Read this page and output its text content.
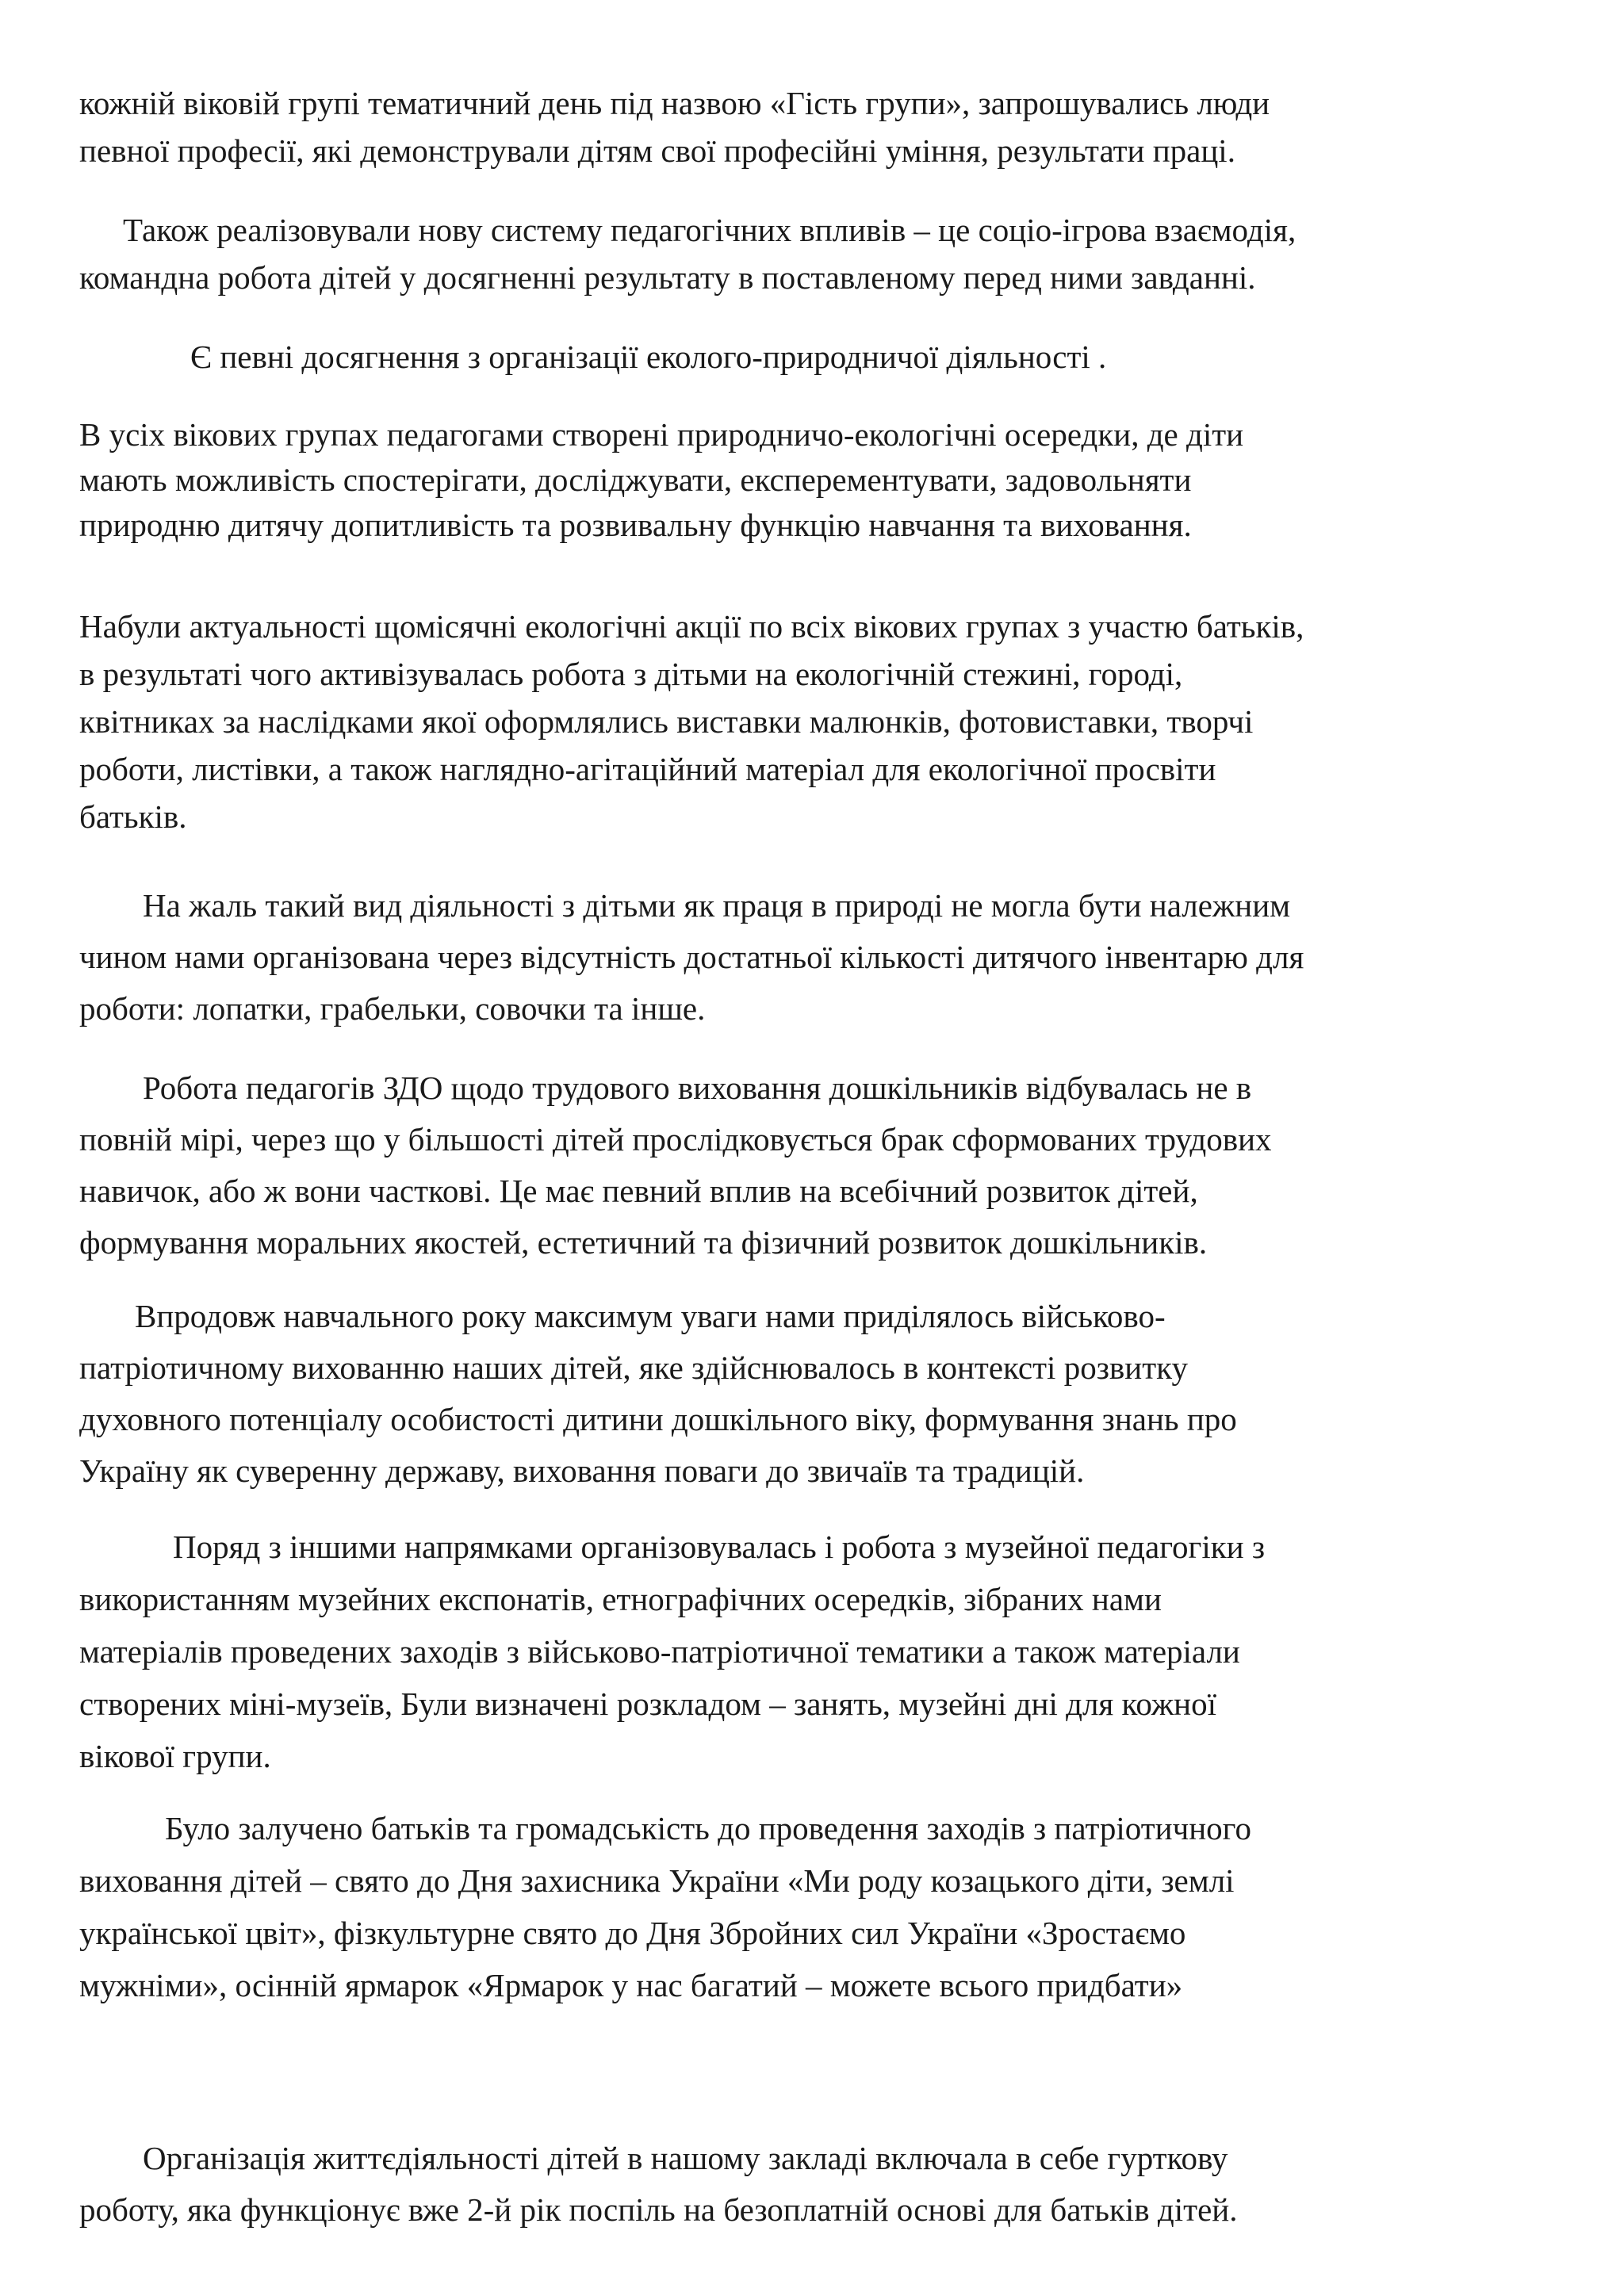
кожній віковій групі тематичний день під назвою «Гість групи», запрошувались люди
певної професії, які демонстрували дітям свої професійні уміння, результати праці.
Також реалізовували нову систему педагогічних впливів – це соціо-ігрова взаємодія,
командна робота дітей у досягненні результату в поставленому перед ними завданні.
Є певні досягнення з організації еколого-природничої діяльності .
В усіх вікових групах педагогами створені природничо-екологічні осередки, де діти
мають можливість спостерігати, досліджувати, експерементувати, задовольняти
природню дитячу допитливість та розвивальну функцію навчання та виховання.
Набули актуальності щомісячні екологічні акції по всіх вікових групах з участю батьків,
в результаті чого активізувалась робота з дітьми на екологічній стежині, городі,
квітниках за наслідками якої оформлялись виставки малюнків, фотовиставки, творчі
роботи, листівки, а також наглядно-агітаційний матеріал для екологічної просвіти
батьків.
На жаль такий вид діяльності з дітьми як праця в природі не могла бути належним
чином нами організована через відсутність достатньої кількості дитячого інвентарю для
роботи: лопатки, грабельки, совочки та інше.
Робота педагогів ЗДО щодо трудового виховання дошкільників відбувалась не в
повній мірі, через що у більшості дітей прослідковується брак сформованих трудових
навичок, або ж вони часткові. Це має певний вплив на всебічний розвиток дітей,
формування моральних якостей, естетичний та фізичний розвиток дошкільників.
Впродовж навчального року максимум уваги нами приділялось військово-
патріотичному вихованню наших дітей, яке здійснювалось в контексті розвитку
духовного потенціалу особистості дитини дошкільного віку, формування знань про
Україну як суверенну державу, виховання поваги до звичаїв та традицій.
Поряд з іншими напрямками організовувалась і робота з музейної педагогіки з
використанням музейних експонатів, етнографічних осередків, зібраних нами
матеріалів проведених заходів з військово-патріотичної тематики а також матеріали
створених міні-музеїв, Були визначені розкладом – занять, музейні дні для кожної
вікової групи.
Було залучено батьків та громадськість до проведення заходів з патріотичного
виховання дітей – свято до Дня захисника України «Ми роду козацького діти, землі
української цвіт», фізкультурне свято до Дня Збройних сил України «Зростаємо
мужніми», осінній ярмарок «Ярмарок у нас багатий – можете всього придбати»
Організація життєдіяльності дітей в нашому закладі включала в себе гурткову
роботу, яка функціонує вже 2-й рік поспіль на безоплатній основі для батьків дітей.
